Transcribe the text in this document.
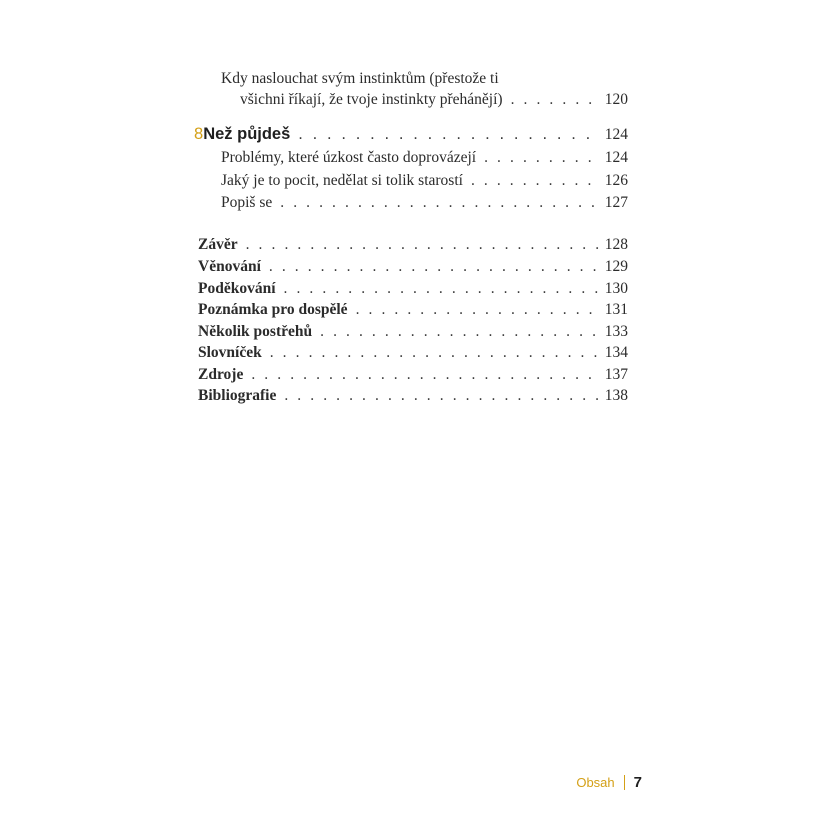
Kdy naslouchat svým instinktům (přestože ti
všichni říkají, že tvoje instinkty přehánějí) . . .	120
8 Než půjdeš . . .	124
Problémy, které úzkost často doprovázejí . . .	124
Jaký je to pocit, nedělat si tolik starostí . . .	126
Popiš se . . .	127
Závěr . . .	128
Věnování . . .	129
Poděkování . . .	130
Poznámka pro dospělé . . .	131
Několik postřehů . . .	133
Slovníček . . .	134
Zdroje . . .	137
Bibliografie . . .	138
Obsah 7
